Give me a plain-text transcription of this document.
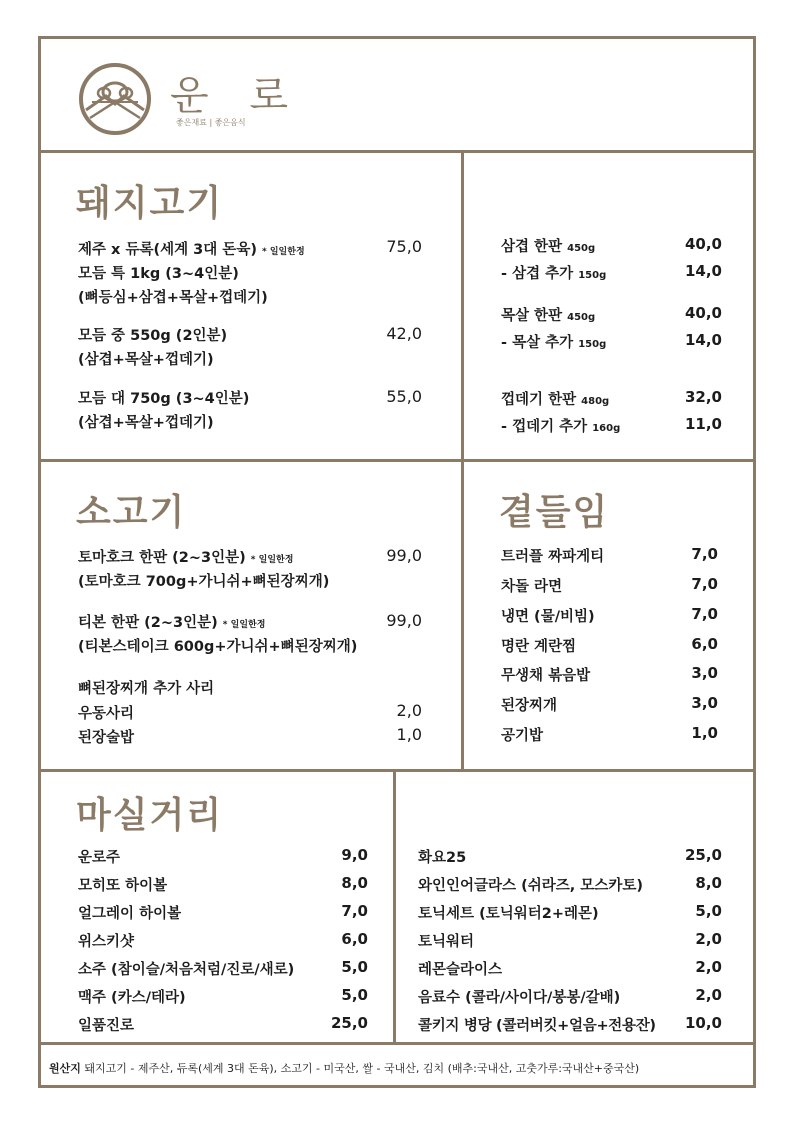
운 로
좋은재료 | 좋은음식
돼지고기
제주 x 듀록(세계 3대 돈육) * 일일한정	75,0
모듬 특 1kg (3~4인분)
(뼈등심+삼겹+목살+껍데기)
모듬 중 550g (2인분)	42,0
(삼겹+목살+껍데기)
모듬 대 750g (3~4인분)	55,0
(삼겹+목살+껍데기)
삼겹 한판 450g	40,0
- 삼겹 추가 150g	14,0
목살 한판 450g	40,0
- 목살 추가 150g	14,0
껍데기 한판 480g	32,0
- 껍데기 추가 160g	11,0
소고기
토마호크 한판 (2~3인분) * 일일한정	99,0
(토마호크 700g+가니쉬+뼈된장찌개)
티본 한판 (2~3인분) * 일일한정	99,0
(티본스테이크 600g+가니쉬+뼈된장찌개)
뼈된장찌개 추가 사리
우동사리	2,0
된장술밥	1,0
곁들임
트러플 짜파게티	7,0
차돌 라면	7,0
냉면 (물/비빔)	7,0
명란 계란찜	6,0
무생채 볶음밥	3,0
된장찌개	3,0
공기밥	1,0
마실거리
운로주	9,0
모히또 하이볼	8,0
얼그레이 하이볼	7,0
위스키샷	6,0
소주 (참이슬/처음처럼/진로/새로)	5,0
맥주 (카스/테라)	5,0
일품진로	25,0
화요25	25,0
와인인어글라스 (쉬라즈, 모스카토)	8,0
토닉세트 (토닉워터2+레몬)	5,0
토닉워터	2,0
레몬슬라이스	2,0
음료수 (콜라/사이다/봉봉/갈배)	2,0
콜키지 병당 (콜러버킷+얼음+전용잔) 10,0
원산지 돼지고기 - 제주산, 듀록(세계 3대 돈육), 소고기 - 미국산, 쌀 - 국내산, 김치 (배추:국내산, 고춧가루:국내산+중국산)
